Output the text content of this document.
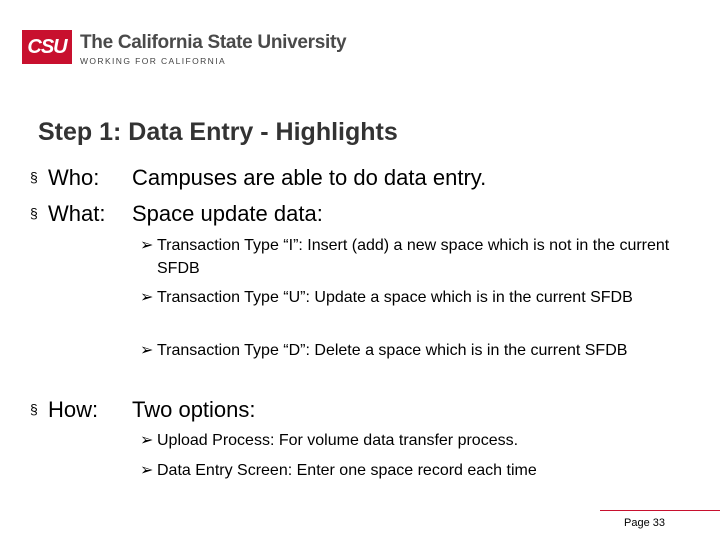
CSU The California State University
WORKING FOR CALIFORNIA
Step 1: Data Entry - Highlights
§ Who: Campuses are able to do data entry.
§ What: Space update data:
➢ Transaction Type “I”: Insert (add) a new space which is not in the current SFDB
➢ Transaction Type “U”: Update a space which is in the current SFDB
➢ Transaction Type “D”: Delete a space which is in the current SFDB
§ How: Two options:
➢ Upload Process: For volume data transfer process.
➢ Data Entry Screen: Enter one space record each time
Page 33
